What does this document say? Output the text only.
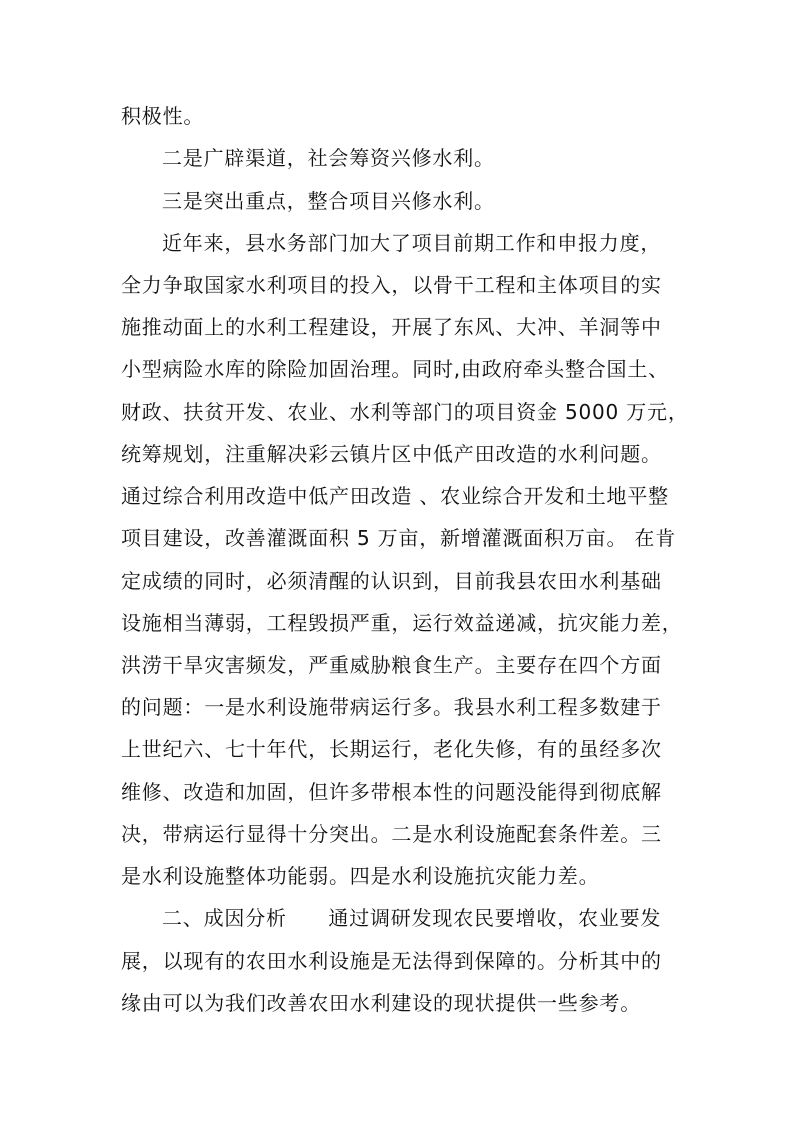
积极性。
二是广辟渠道，社会筹资兴修水利。
三是突出重点，整合项目兴修水利。
近年来，县水务部门加大了项目前期工作和申报力度，
全力争取国家水利项目的投入，以骨干工程和主体项目的实
施推动面上的水利工程建设，开展了东风、大冲、羊洞等中
小型病险水库的除险加固治理。同时,由政府牵头整合国土、
财政、扶贫开发、农业、水利等部门的项目资金 5000 万元，
统筹规划，注重解决彩云镇片区中低产田改造的水利问题。
通过综合利用改造中低产田改造 、农业综合开发和土地平整
项目建设，改善灌溉面积 5 万亩，新增灌溉面积万亩。 在肯
定成绩的同时，必须清醒的认识到，目前我县农田水利基础
设施相当薄弱，工程毁损严重，运行效益递减，抗灾能力差，
洪涝干旱灾害频发，严重威胁粮食生产。主要存在四个方面
的问题：一是水利设施带病运行多。我县水利工程多数建于
上世纪六、七十年代，长期运行，老化失修，有的虽经多次
维修、改造和加固，但许多带根本性的问题没能得到彻底解
决，带病运行显得十分突出。二是水利设施配套条件差。三
是水利设施整体功能弱。四是水利设施抗灾能力差。
二、成因分析　　通过调研发现农民要增收，农业要发
展，以现有的农田水利设施是无法得到保障的。分析其中的
缘由可以为我们改善农田水利建设的现状提供一些参考。
